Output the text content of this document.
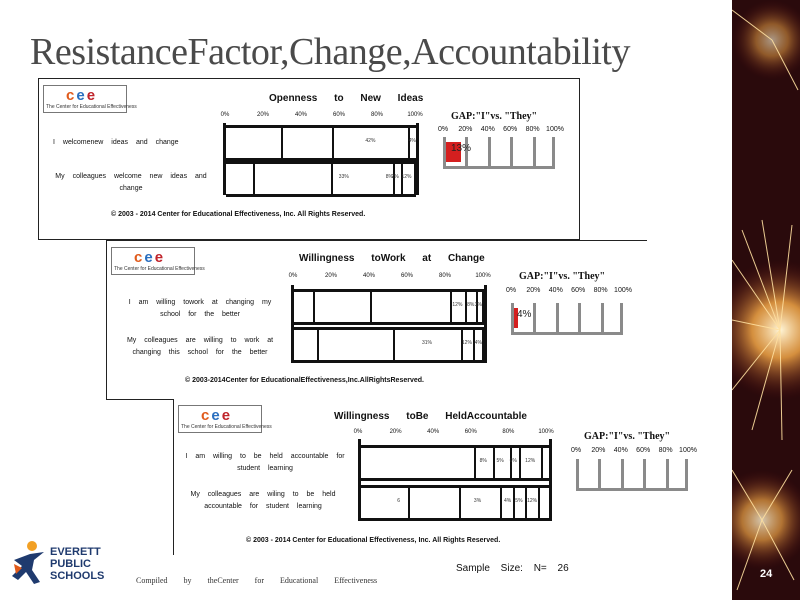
ResistanceFactor,Change,Accountability
cee
The Center for Educational Effectiveness
Openness to New Ideas
0%	20%	40%	60%	80%	100%
42%	4%
33%	8%
2% 12%
I welcomenew ideas and change
My colleagues welcome new ideas and change
© 2003 - 2014 Center for Educational Effectiveness, Inc. All Rights Reserved.
GAP:"I"vs. "They"
0% 20% 40% 60% 80% 100%
13%
cee
The Center for Educational Effectiveness
Willingness toWork at Change
0%	20%	40%	60%	80%	100%
12% 8% 3%
31%	12% 4%
I am willing towork at changing my school for the better
My colleagues are willing to work at changing this school for the better
© 2003-2014Center for EducationalEffectiveness,Inc.AllRightsReserved.
GAP:"I"vs. "They"
0% 20% 40% 60% 80% 100%
4%
cee
The Center for Educational Effectiveness
Willingness toBe HeldAccountable
0%	20%	40%	60%	80%	100%
8% 5% 6% 12%
6	3%	4% 5% 12%
I am willing to be held accountable for student learning
My colleagues are wiling to be held accountable for student learning
© 2003 - 2014 Center for Educational Effectiveness, Inc. All Rights Reserved.
GAP:"I"vs. "They"
0% 20% 40% 60% 80% 100%
24
EVERETT
PUBLIC
SCHOOLS	Compiled by theCenter for Educational Effectiveness
Sample Size: N= 26
